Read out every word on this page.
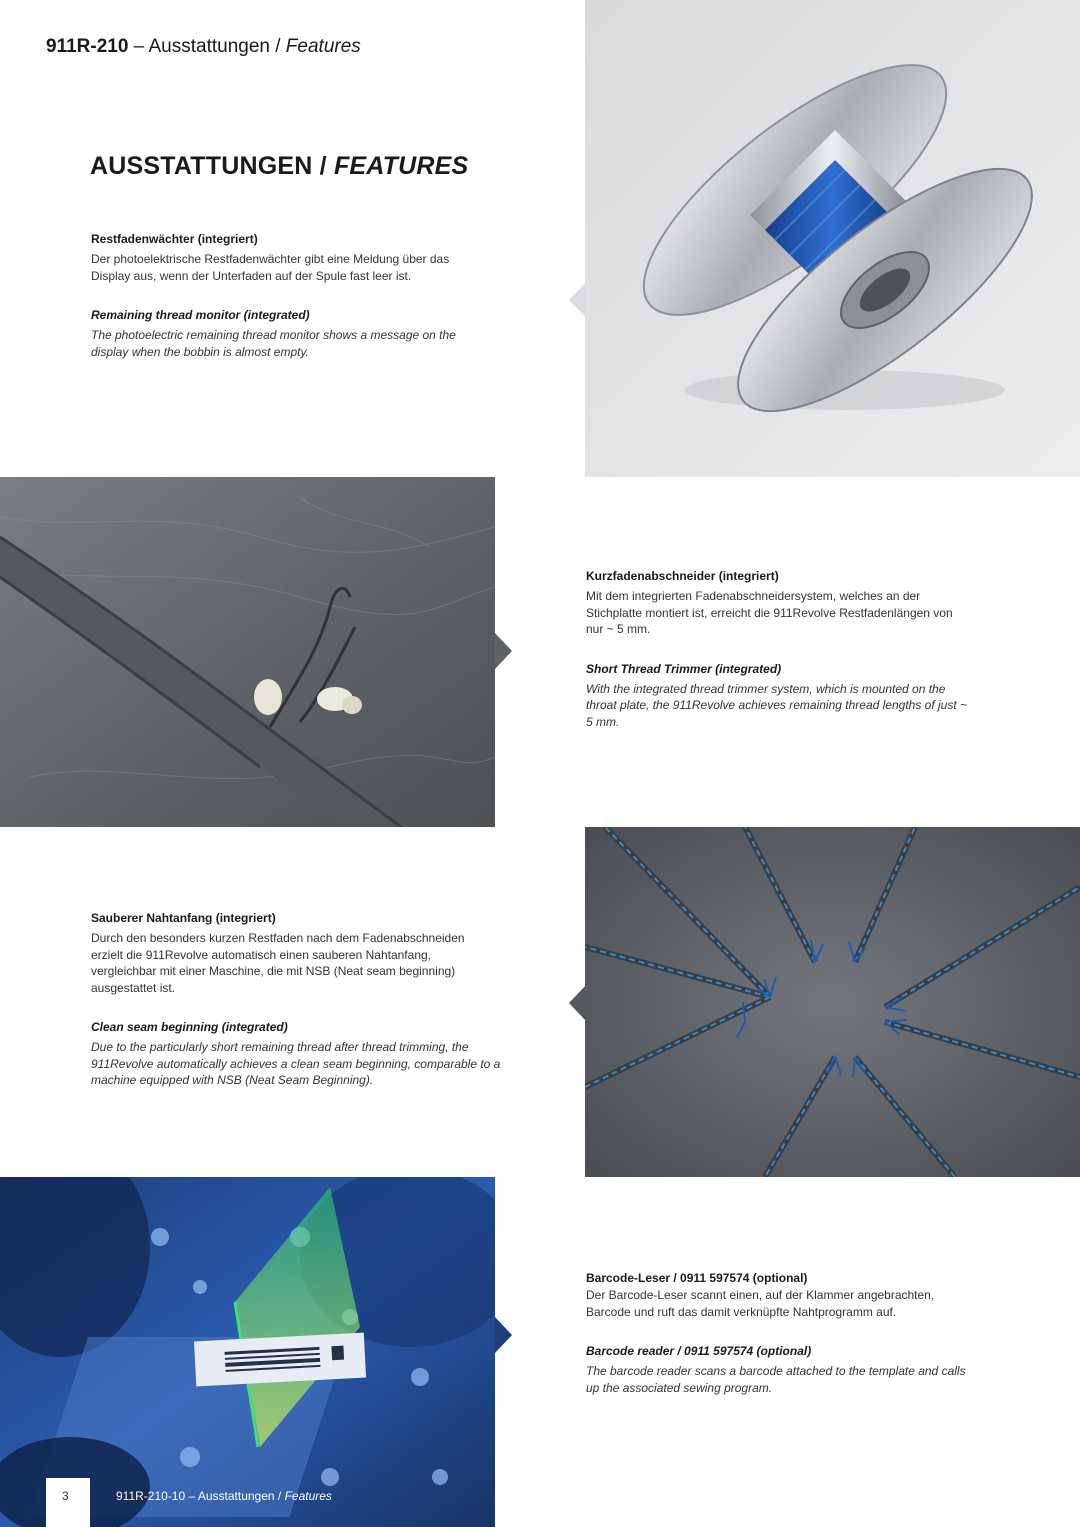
911R-210 – Ausstattungen / Features
AUSSTATTUNGEN / FEATURES

Restfadenwächter (integriert)

Der photoelektrische Restfadenwächter gibt eine Meldung über das Display aus, wenn der Unterfaden auf der Spule fast leer ist.

Remaining thread monitor (integrated)

The photoelectric remaining thread monitor shows a message on the display when the bobbin is almost empty.

Kurzfadenabschneider (integriert)

Mit dem integrierten Fadenabschneidersystem, welches an der Stichplatte montiert ist, erreicht die 911Revolve Restfadenlängen von nur ~ 5 mm.

Short Thread Trimmer (integrated)

With the integrated thread trimmer system, which is mounted on the throat plate, the 911Revolve achieves remaining thread lengths of just ~ 5 mm.

Sauberer Nahtanfang (integriert)

Durch den besonders kurzen Restfaden nach dem Fadenabschneiden erzielt die 911Revolve automatisch einen sauberen Nahtanfang, vergleichbar mit einer Maschine, die mit NSB (Neat seam beginning) ausgestattet ist.

Clean seam beginning (integrated)

Due to the particularly short remaining thread after thread trimming, the 911Revolve automatically achieves a clean seam beginning, comparable to a machine equipped with NSB (Neat Seam Beginning).

Barcode-Leser / 0911 597574 (optional)

Der Barcode-Leser scannt einen, auf der Klammer angebrachten, Barcode und ruft das damit verknüpfte Nahtprogramm auf.

Barcode reader / 0911 597574 (optional)

The barcode reader scans a barcode attached to the template and calls up the associated sewing program.

3	911R-210-10 – Ausstattungen / Features
